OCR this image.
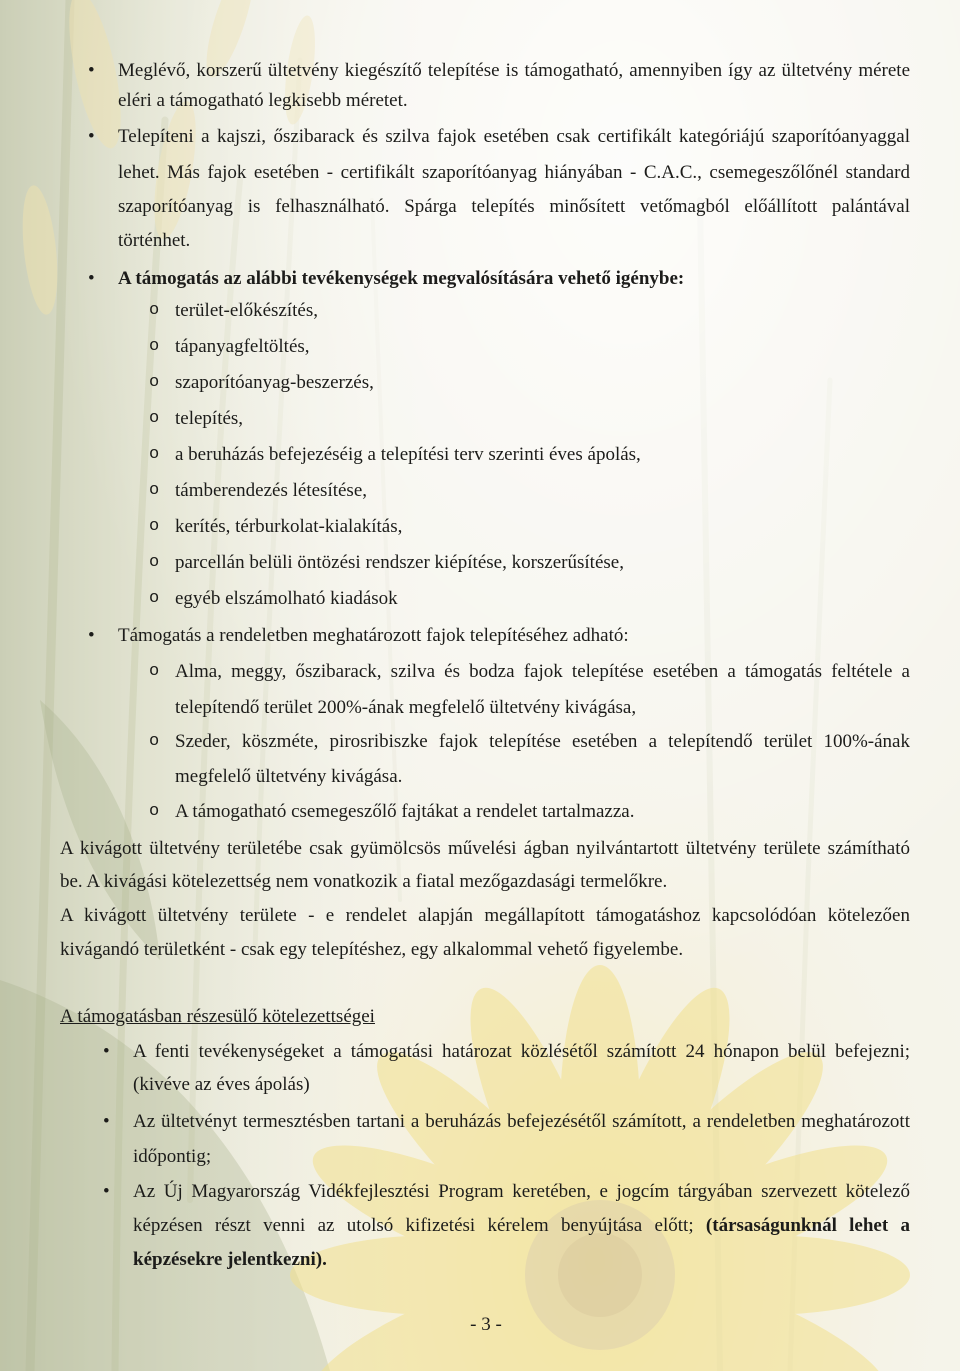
• Meglévő, korszerű ültetvény kiegészítő telepítése is támogatható, amennyiben így az ültetvény mérete
eléri a támogatható legkisebb méretet.
• Telepíteni a kajszi, őszibarack és szilva fajok esetében csak certifikált kategóriájú szaporítóanyaggal
lehet. Más fajok esetében - certifikált szaporítóanyag hiányában - C.A.C., csemegeszőlőnél standard
szaporítóanyag is felhasználható. Spárga telepítés minősített vetőmagból előállított palántával
történhet.
• A támogatás az alábbi tevékenységek megvalósítására vehető igénybe:
o terület-előkészítés,
o tápanyagfeltöltés,
o szaporítóanyag-beszerzés,
o telepítés,
o a beruházás befejezéséig a telepítési terv szerinti éves ápolás,
o támberendezés létesítése,
o kerítés, térburkolat-kialakítás,
o parcellán belüli öntözési rendszer kiépítése, korszerűsítése,
o egyéb elszámolható kiadások
• Támogatás a rendeletben meghatározott fajok telepítéséhez adható:
o Alma, meggy, őszibarack, szilva és bodza fajok telepítése esetében a támogatás feltétele a
telepítendő terület 200%-ának megfelelő ültetvény kivágása,
o Szeder, köszméte, pirosribiszke fajok telepítése esetében a telepítendő terület 100%-ának
megfelelő ültetvény kivágása.
o A támogatható csemegeszőlő fajtákat a rendelet tartalmazza.
A kivágott ültetvény területébe csak gyümölcsös művelési ágban nyilvántartott ültetvény területe számítható
be. A kivágási kötelezettség nem vonatkozik a fiatal mezőgazdasági termelőkre.
A kivágott ültetvény területe - e rendelet alapján megállapított támogatáshoz kapcsolódóan kötelezően
kivágandó területként - csak egy telepítéshez, egy alkalommal vehető figyelembe.
A támogatásban részesülő kötelezettségei
• A fenti tevékenységeket a támogatási határozat közlésétől számított 24 hónapon belül befejezni;
(kivéve az éves ápolás)
• Az ültetvényt termesztésben tartani a beruházás befejezésétől számított, a rendeletben meghatározott
időpontig;
• Az Új Magyarország Vidékfejlesztési Program keretében, e jogcím tárgyában szervezett kötelező
képzésen részt venni az utolsó kifizetési kérelem benyújtása előtt; (társaságunknál lehet a
képzésekre jelentkezni).
- 3 -
